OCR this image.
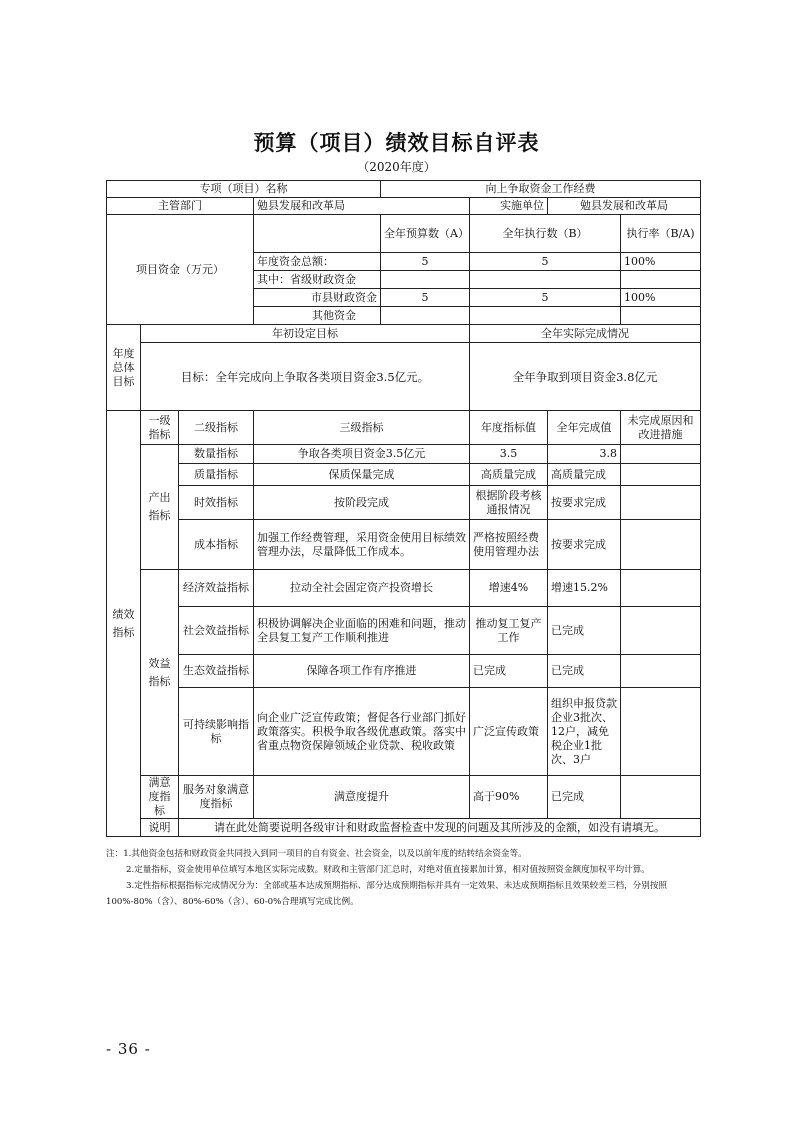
预算（项目）绩效目标自评表
（2020年度）
专项（项目）名称				向上争取资金工作经费			
主管部门			勉县发展和改革局		实施单位	勉县发展和改革局	
项目资金（万元）				全年预算数（A）	全年执行数（B）		执行率（B/A)
			年度资金总额：	5	5		100%
			其中：省级财政资金				
			市县财政资金	5	5		100%
			其他资金				
年度总体目标	年初设定目标				全年实际完成情况		
	目标：全年完成向上争取各类项目资金3.5亿元。				全年争取到项目资金3.8亿元		
绩效指标	一级指标	二级指标	三级指标		年度指标值	全年完成值	未完成原因和改进措施
	产出指标	数量指标	争取各类项目资金3.5亿元		3.5	3.8	
		质量指标	保质保量完成		高质量完成	高质量完成	
		时效指标	按阶段完成		根据阶段考核通报情况	按要求完成	
		成本指标	加强工作经费管理，采用资金使用目标绩效管理办法，尽量降低工作成本。		严格按照经费使用管理办法	按要求完成	
	效益指标	经济效益指标	拉动全社会固定资产投资增长		增速4%	增速15.2%	
		社会效益指标	积极协调解决企业面临的困难和问题，推动全县复工复产工作顺利推进		推动复工复产工作	已完成	
		生态效益指标	保障各项工作有序推进		已完成	已完成	
		可持续影响指标	向企业广泛宣传政策；督促各行业部门抓好政策落实。积极争取各级优惠政策。落实中省重点物资保障领域企业贷款、税收政策		广泛宣传政策	组织申报贷款企业3批次、12户，减免税企业1批次、3户	
	满意度指标	服务对象满意度指标	满意度提升		高于90%	已完成	
	说明	请在此处简要说明各级审计和财政监督检查中发现的问题及其所涉及的金额，如没有请填无。					

注：1.其他资金包括和财政资金共同投入到同一项目的自有资金、社会资金，以及以前年度的结转结余资金等。

2.定量指标，资金使用单位填写本地区实际完成数。财政和主管部门汇总时，对绝对值直接累加计算，相对值按照资金额度加权平均计算。

3.定性指标根据指标完成情况分为：全部或基本达成预期指标、部分达成预期指标并具有一定效果、未达成预期指标且效果较差三档，分别按照100%-80%（含）、80%-60%（含）、60-0%合理填写完成比例。

- 36 -
